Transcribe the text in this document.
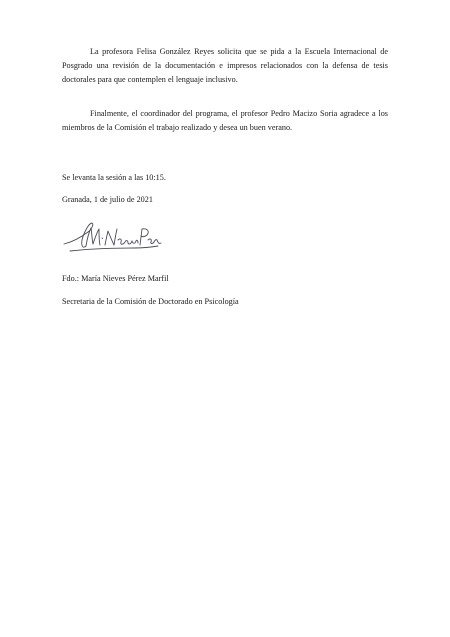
La profesora Felisa González Reyes solicita que se pida a la Escuela Internacional de Posgrado una revisión de la documentación e impresos relacionados con la defensa de tesis doctorales para que contemplen el lenguaje inclusivo.

Finalmente, el coordinador del programa, el profesor Pedro Macizo Soria agradece a los miembros de la Comisión el trabajo realizado y desea un buen verano.

Se levanta la sesión a las 10:15.

Granada, 1 de julio de 2021

Fdo.: María Nieves Pérez Marfil

Secretaria de la Comisión de Doctorado en Psicología
